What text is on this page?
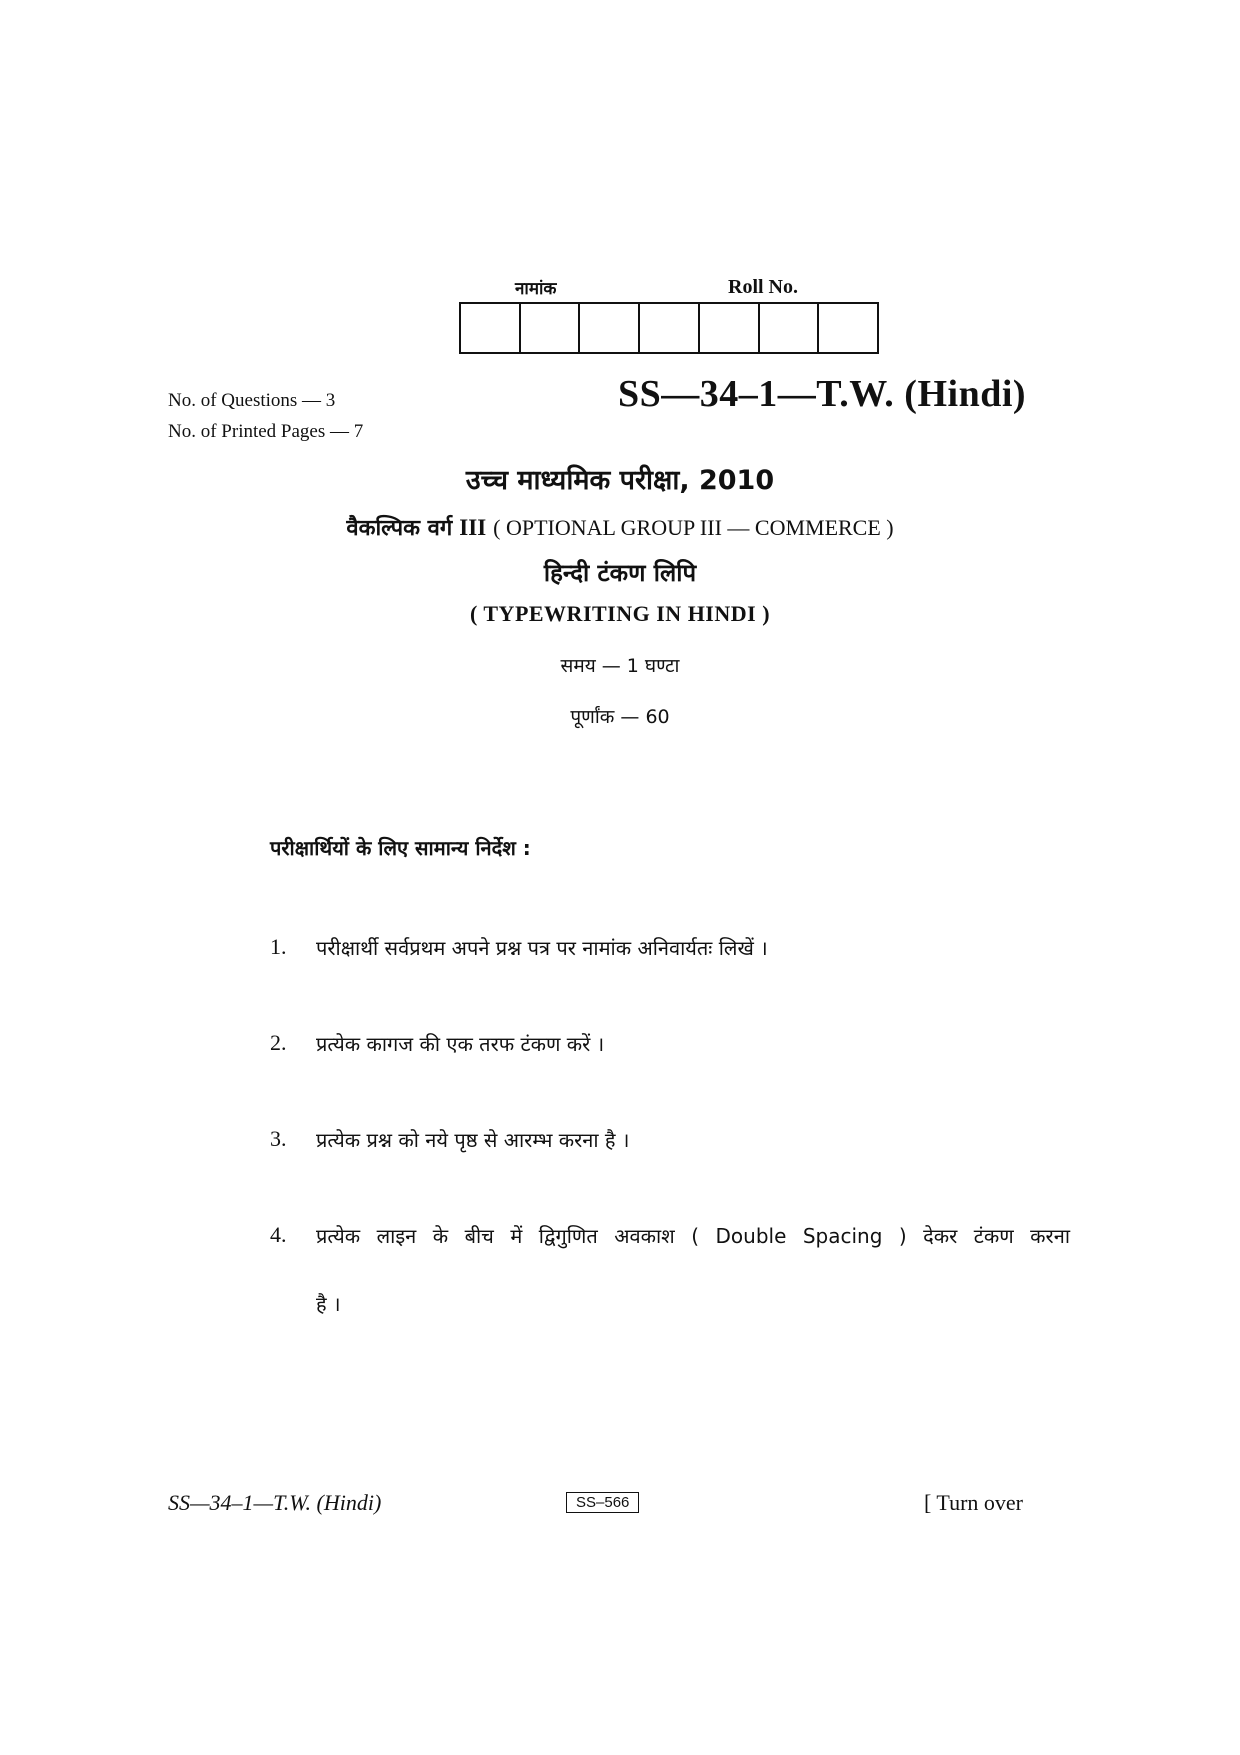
नामांक	Roll No.
No. of Questions — 3
No. of Printed Pages — 7
SS—34–1—T.W. (Hindi)
उच्च माध्यमिक परीक्षा, 2010
वैकल्पिक वर्ग III ( OPTIONAL GROUP III — COMMERCE )
हिन्दी टंकण लिपि
( TYPEWRITING IN HINDI )
समय — 1 घण्टा
पूर्णांक — 60
परीक्षार्थियों के लिए सामान्य निर्देश :
1.	परीक्षार्थी सर्वप्रथम अपने प्रश्न पत्र पर नामांक अनिवार्यतः लिखें ।
2.	प्रत्येक कागज की एक तरफ टंकण करें ।
3.	प्रत्येक प्रश्न को नये पृष्ठ से आरम्भ करना है ।
4.	प्रत्येक लाइन के बीच में द्विगुणित अवकाश ( Double Spacing ) देकर टंकण करना
है ।
SS—34–1—T.W. (Hindi)	SS–566	[ Turn over
